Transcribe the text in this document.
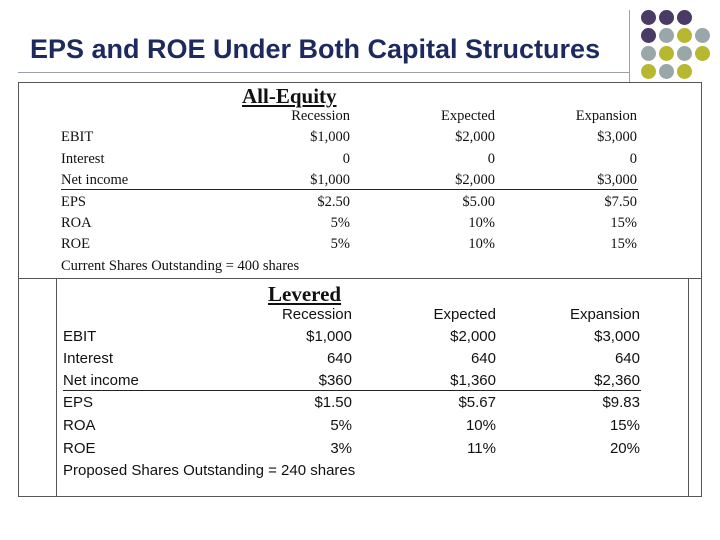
EPS and ROE Under Both Capital Structures
All-Equity
Recession	Expected	Expansion
EBIT	$1,000	$2,000	$3,000
Interest	0	0	0
Net income	$1,000	$2,000	$3,000
EPS	$2.50	$5.00	$7.50
ROA	5%	10%	15%
ROE	5%	10%	15%
Current Shares Outstanding = 400 shares
Levered
Recession	Expected	Expansion
EBIT	$1,000	$2,000	$3,000
Interest	640	640	640
Net income	$360	$1,360	$2,360
EPS	$1.50	$5.67	$9.83
ROA	5%	10%	15%
ROE	3%	11%	20%
Proposed Shares Outstanding = 240 shares
